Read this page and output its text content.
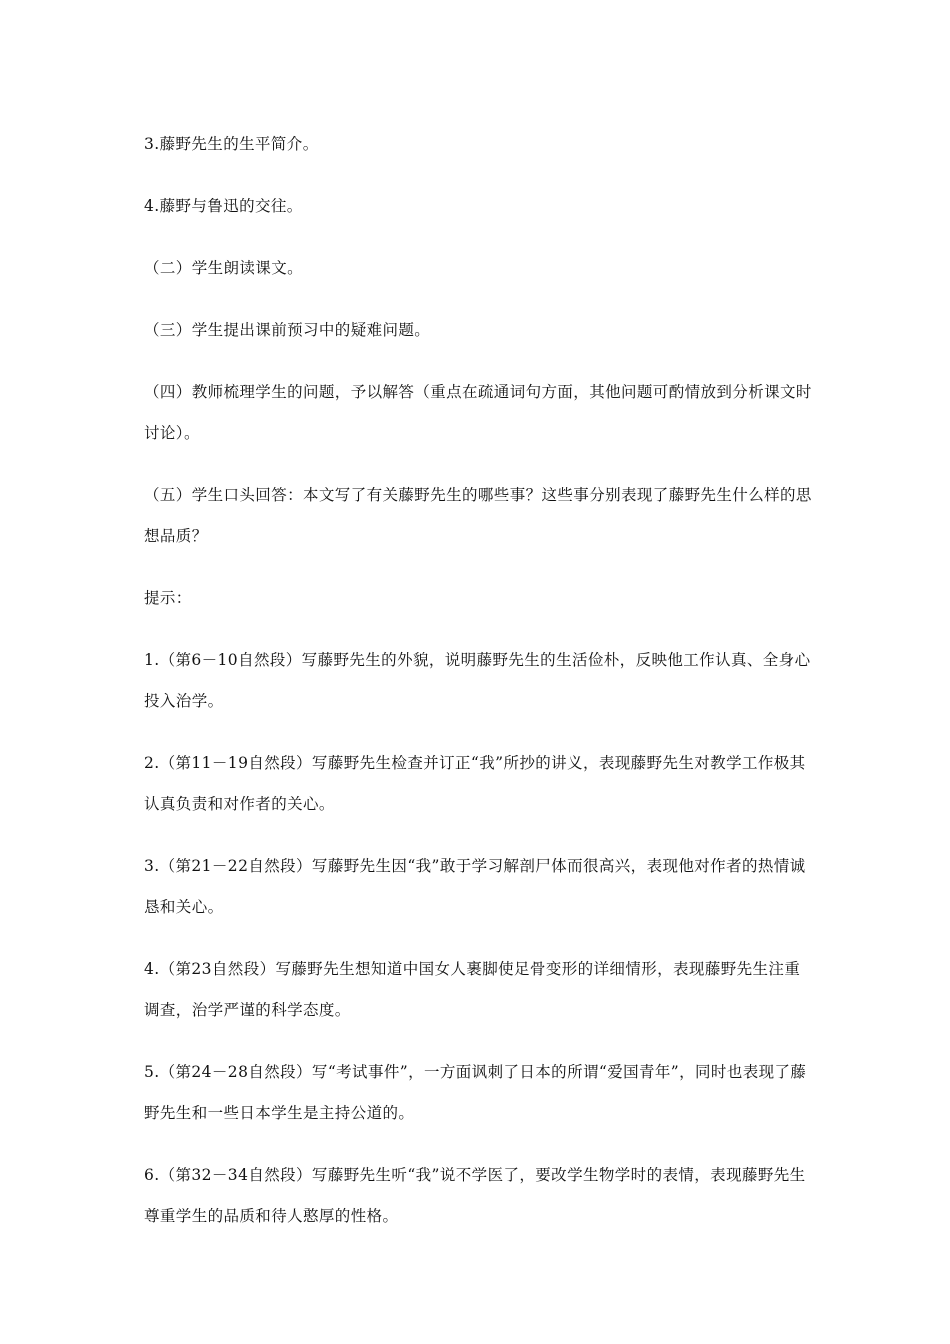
3.藤野先生的生平简介。

4.藤野与鲁迅的交往。

（二）学生朗读课文。

（三）学生提出课前预习中的疑难问题。

（四）教师梳理学生的问题，予以解答（重点在疏通词句方面，其他问题可酌情放到分析课文时讨论）。

（五）学生口头回答：本文写了有关藤野先生的哪些事？这些事分别表现了藤野先生什么样的思想品质？

提示：

1.（第6－10自然段）写藤野先生的外貌，说明藤野先生的生活俭朴，反映他工作认真、全身心投入治学。

2.（第11－19自然段）写藤野先生检查并订正“我”所抄的讲义，表现藤野先生对教学工作极其认真负责和对作者的关心。

3.（第21－22自然段）写藤野先生因“我”敢于学习解剖尸体而很高兴，表现他对作者的热情诚恳和关心。

4.（第23自然段）写藤野先生想知道中国女人裹脚使足骨变形的详细情形，表现藤野先生注重调查，治学严谨的科学态度。

5.（第24－28自然段）写“考试事件”，一方面讽刺了日本的所谓“爱国青年”，同时也表现了藤野先生和一些日本学生是主持公道的。

6.（第32－34自然段）写藤野先生听“我”说不学医了，要改学生物学时的表情，表现藤野先生尊重学生的品质和待人憨厚的性格。
